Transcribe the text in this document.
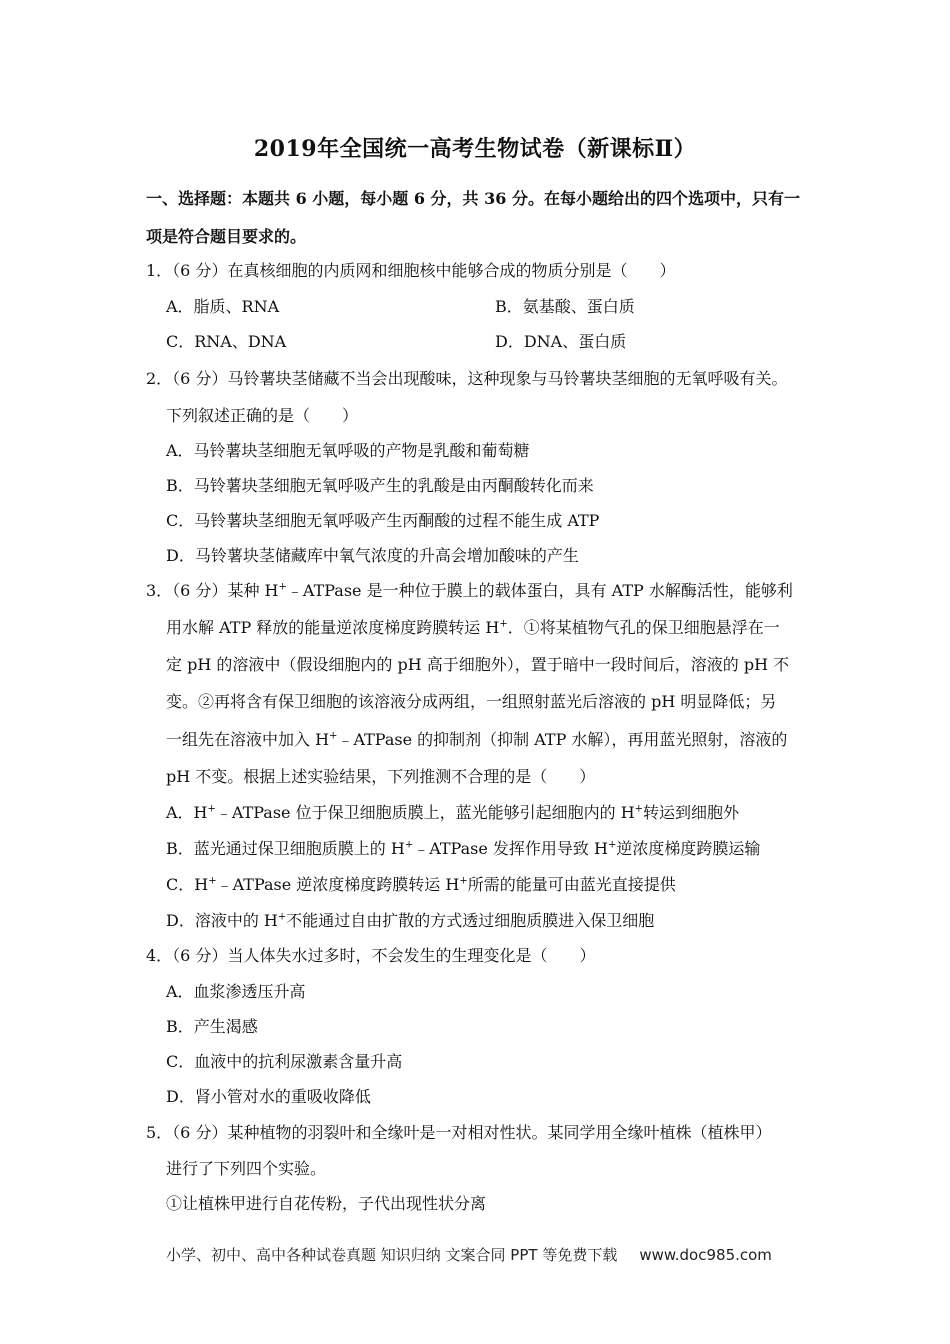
2019年全国统一高考生物试卷（新课标Ⅱ）
一、选择题：本题共 6 小题，每小题 6 分，共 36 分。在每小题给出的四个选项中，只有一
项是符合题目要求的。
1．（6 分）在真核细胞的内质网和细胞核中能够合成的物质分别是（　　）
A．脂质、RNA	B．氨基酸、蛋白质
C．RNA、DNA	D．DNA、蛋白质
2．（6 分）马铃薯块茎储藏不当会出现酸味，这种现象与马铃薯块茎细胞的无氧呼吸有关。
下列叙述正确的是（　　）
A．马铃薯块茎细胞无氧呼吸的产物是乳酸和葡萄糖
B．马铃薯块茎细胞无氧呼吸产生的乳酸是由丙酮酸转化而来
C．马铃薯块茎细胞无氧呼吸产生丙酮酸的过程不能生成 ATP
D．马铃薯块茎储藏库中氧气浓度的升高会增加酸味的产生
3．（6 分）某种 H+﹣ATPase 是一种位于膜上的载体蛋白，具有 ATP 水解酶活性，能够利
用水解 ATP 释放的能量逆浓度梯度跨膜转运 H+．①将某植物气孔的保卫细胞悬浮在一
定 pH 的溶液中（假设细胞内的 pH 高于细胞外），置于暗中一段时间后，溶液的 pH 不
变。②再将含有保卫细胞的该溶液分成两组，一组照射蓝光后溶液的 pH 明显降低；另
一组先在溶液中加入 H+﹣ATPase 的抑制剂（抑制 ATP 水解），再用蓝光照射，溶液的
pH 不变。根据上述实验结果，下列推测不合理的是（　　）
A．H+﹣ATPase 位于保卫细胞质膜上，蓝光能够引起细胞内的 H+转运到细胞外
B．蓝光通过保卫细胞质膜上的 H+﹣ATPase 发挥作用导致 H+逆浓度梯度跨膜运输
C．H+﹣ATPase 逆浓度梯度跨膜转运 H+所需的能量可由蓝光直接提供
D．溶液中的 H+不能通过自由扩散的方式透过细胞质膜进入保卫细胞
4．（6 分）当人体失水过多时，不会发生的生理变化是（　　）
A．血浆渗透压升高
B．产生渴感
C．血液中的抗利尿激素含量升高
D．肾小管对水的重吸收降低
5．（6 分）某种植物的羽裂叶和全缘叶是一对相对性状。某同学用全缘叶植株（植株甲）
进行了下列四个实验。
①让植株甲进行自花传粉，子代出现性状分离
小学、初中、高中各种试卷真题 知识归纳 文案合同 PPT 等免费下载 www.doc985.com
